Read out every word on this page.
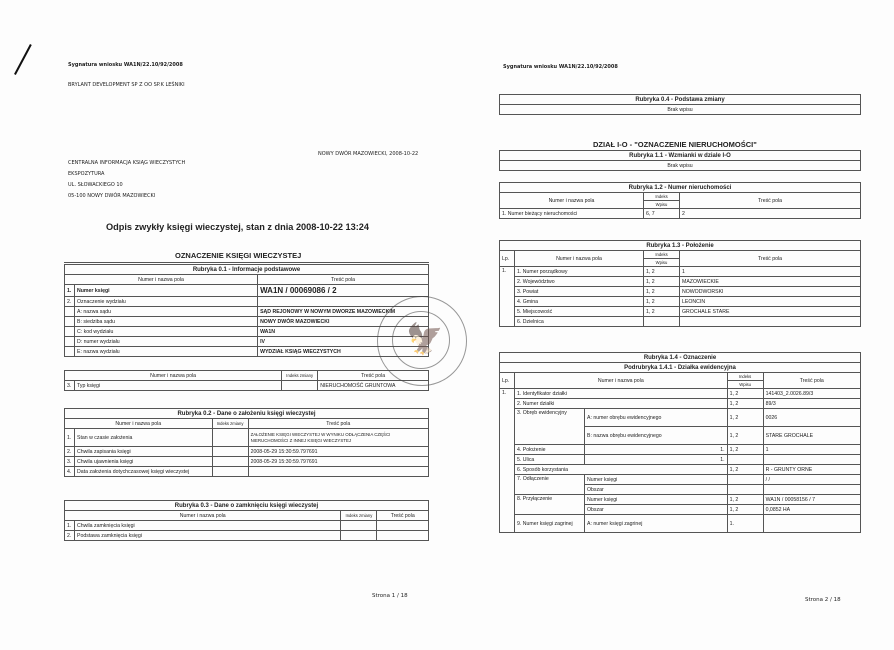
Sygnatura wniosku WA1N/22.10/92/2008
BRYLANT DEVELOPMENT SP Z OO SP.K LEŚNIKI
NOWY DWÓR MAZOWIECKI, 2008-10-22
CENTRALNA INFORMACJA KSIĄG WIECZYSTYCH
EKSPOZYTURA
UL. SŁOWACKIEGO 10
05-100 NOWY DWÓR MAZOWIECKI
Odpis zwykły księgi wieczystej, stan z dnia 2008-10-22 13:24
OZNACZENIE KSIĘGI WIECZYSTEJ
Rubryka 0.1 - Informacje podstawowe		
Numer i nazwa pola		Treść pola
1.	Numer księgi	WA1N / 00069086 / 2
2.	Oznaczenie wydziału	
	A: nazwa sądu	SĄD REJONOWY W NOWYM DWORZE MAZOWIECKIM
	B: siedziba sądu	NOWY DWÓR MAZOWIECKI
	C: kod wydziału	WA1N
	D: numer wydziału	IV
	E: nazwa wydziału	WYDZIAŁ KSIĄG WIECZYSTYCH
Numer i nazwa pola		Indeks zmiany	Treść pola
3.	Typ księgi		NIERUCHOMOŚĆ GRUNTOWA
Rubryka 0.2 - Dane o założeniu księgi wieczystej			
Numer i nazwa pola		Indeks zmiany	Treść pola
1.	Stan w czasie założenia		ZAŁOŻENIE KSIĘGI WIECZYSTEJ W WYNIKU ODŁĄCZENIA CZĘŚCI NIERUCHOMOŚCI Z INNEJ KSIĘGI WIECZYSTEJ
2.	Chwila zapisania księgi		2008-05-29 15:30:59.797691
3.	Chwila ujawnienia księgi		2008-05-29 15:30:59.797691
4.	Data założenia dotychczasowej księgi wieczystej		
Rubryka 0.3 - Dane o zamknięciu księgi wieczystej			
Numer i nazwa pola		Indeks zmiany	Treść pola
1.	Chwila zamknięcia księgi		
2.	Podstawa zamknięcia księgi		
Strona 1 / 18
🦅
Sygnatura wniosku WA1N/22.10/92/2008
Rubryka 0.4 - Podstawa zmiany
Brak wpisu
DZIAŁ I-O - "OZNACZENIE NIERUCHOMOŚCI"
Rubryka 1.1 - Wzmianki w dziale I-O
Brak wpisu
Rubryka 1.2 - Numer nieruchomości		
Numer i nazwa pola	Indeks	Treść pola
	Wpisu	
1. Numer bieżący nieruchomości	6, 7	2
Rubryka 1.3 - Położenie			
Lp.	Numer i nazwa pola	Indeks	Treść pola
		Wpisu	
1.	1. Numer porządkowy	1, 2	1
	2. Województwo	1, 2	MAZOWIECKIE
	3. Powiat	1, 2	NOWODWORSKI
	4. Gmina	1, 2	LEONCIN
	5. Miejscowość	1, 2	GROCHALE STARE
	6. Dzielnica		
Rubryka 1.4 - Oznaczenie				
Podrubryka 1.4.1 - Działka ewidencyjna				
Lp.	Numer i nazwa pola		Indeks	Treść pola
			Wpisu	
1.	1. Identyfikator działki		1, 2	141403_2.0026.89/3
	2. Numer działki		1, 2	89/3
	3. Obręb ewidencyjny	A: numer obrębu ewidencyjnego	1, 2	0026
		B: nazwa obrębu ewidencyjnego	1, 2	STARE GROCHALE
	4. Położenie	1.	1, 2	1
	5. Ulica	1.		
	6. Sposób korzystania		1, 2	R - GRUNTY ORNE
	7. Odłączenie	Numer księgi		/ /
		Obszar		
	8. Przyłączenie	Numer księgi	1, 2	WA1N / 00058156 / 7
		Obszar	1, 2	0,0852 HA
	9. Numer księgi zagrinej	A: numer księgi zagrinej	1.	
Strona 2 / 18
